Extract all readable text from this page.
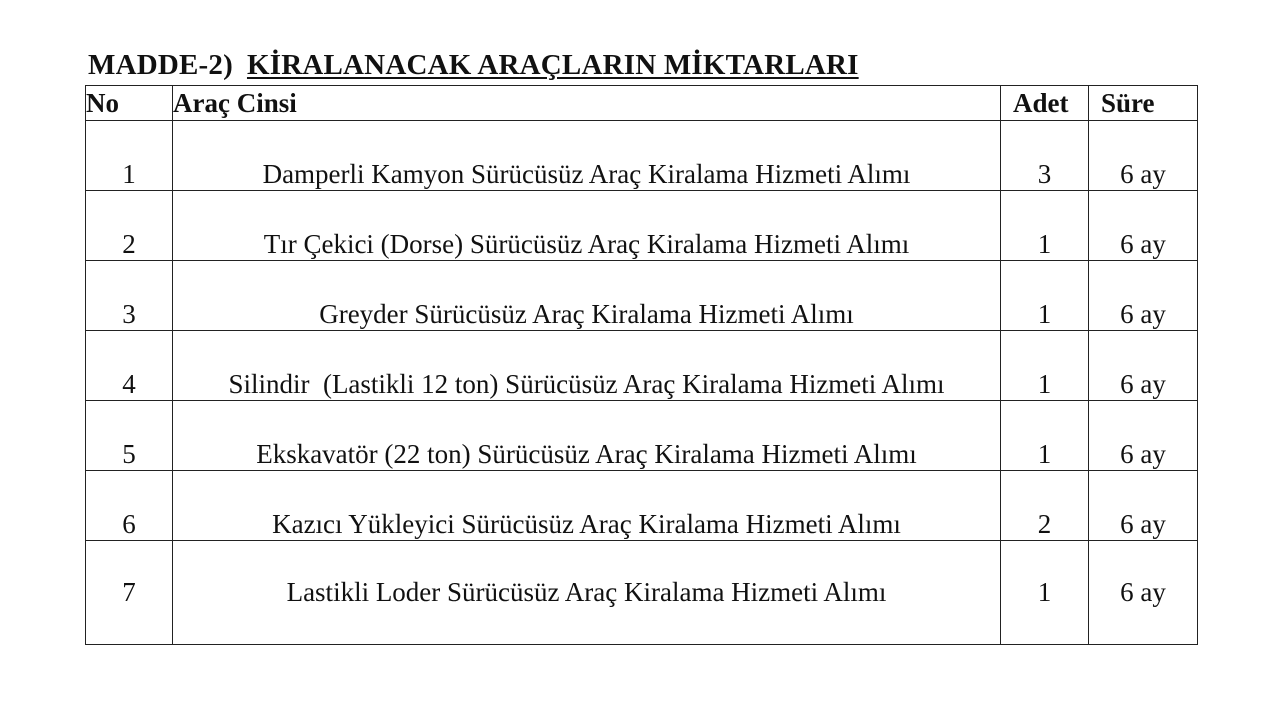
MADDE-2) KİRALANACAK ARAÇLARIN MİKTARLARI
No	Araç Cinsi	Adet	Süre
1	Damperli Kamyon Sürücüsüz Araç Kiralama Hizmeti Alımı	3	6 ay
2	Tır Çekici (Dorse) Sürücüsüz Araç Kiralama Hizmeti Alımı	1	6 ay
3	Greyder Sürücüsüz Araç Kiralama Hizmeti Alımı	1	6 ay
4	Silindir  (Lastikli 12 ton) Sürücüsüz Araç Kiralama Hizmeti Alımı	1	6 ay
5	Ekskavatör (22 ton) Sürücüsüz Araç Kiralama Hizmeti Alımı	1	6 ay
6	Kazıcı Yükleyici Sürücüsüz Araç Kiralama Hizmeti Alımı	2	6 ay
7	Lastikli Loder Sürücüsüz Araç Kiralama Hizmeti Alımı	1	6 ay
